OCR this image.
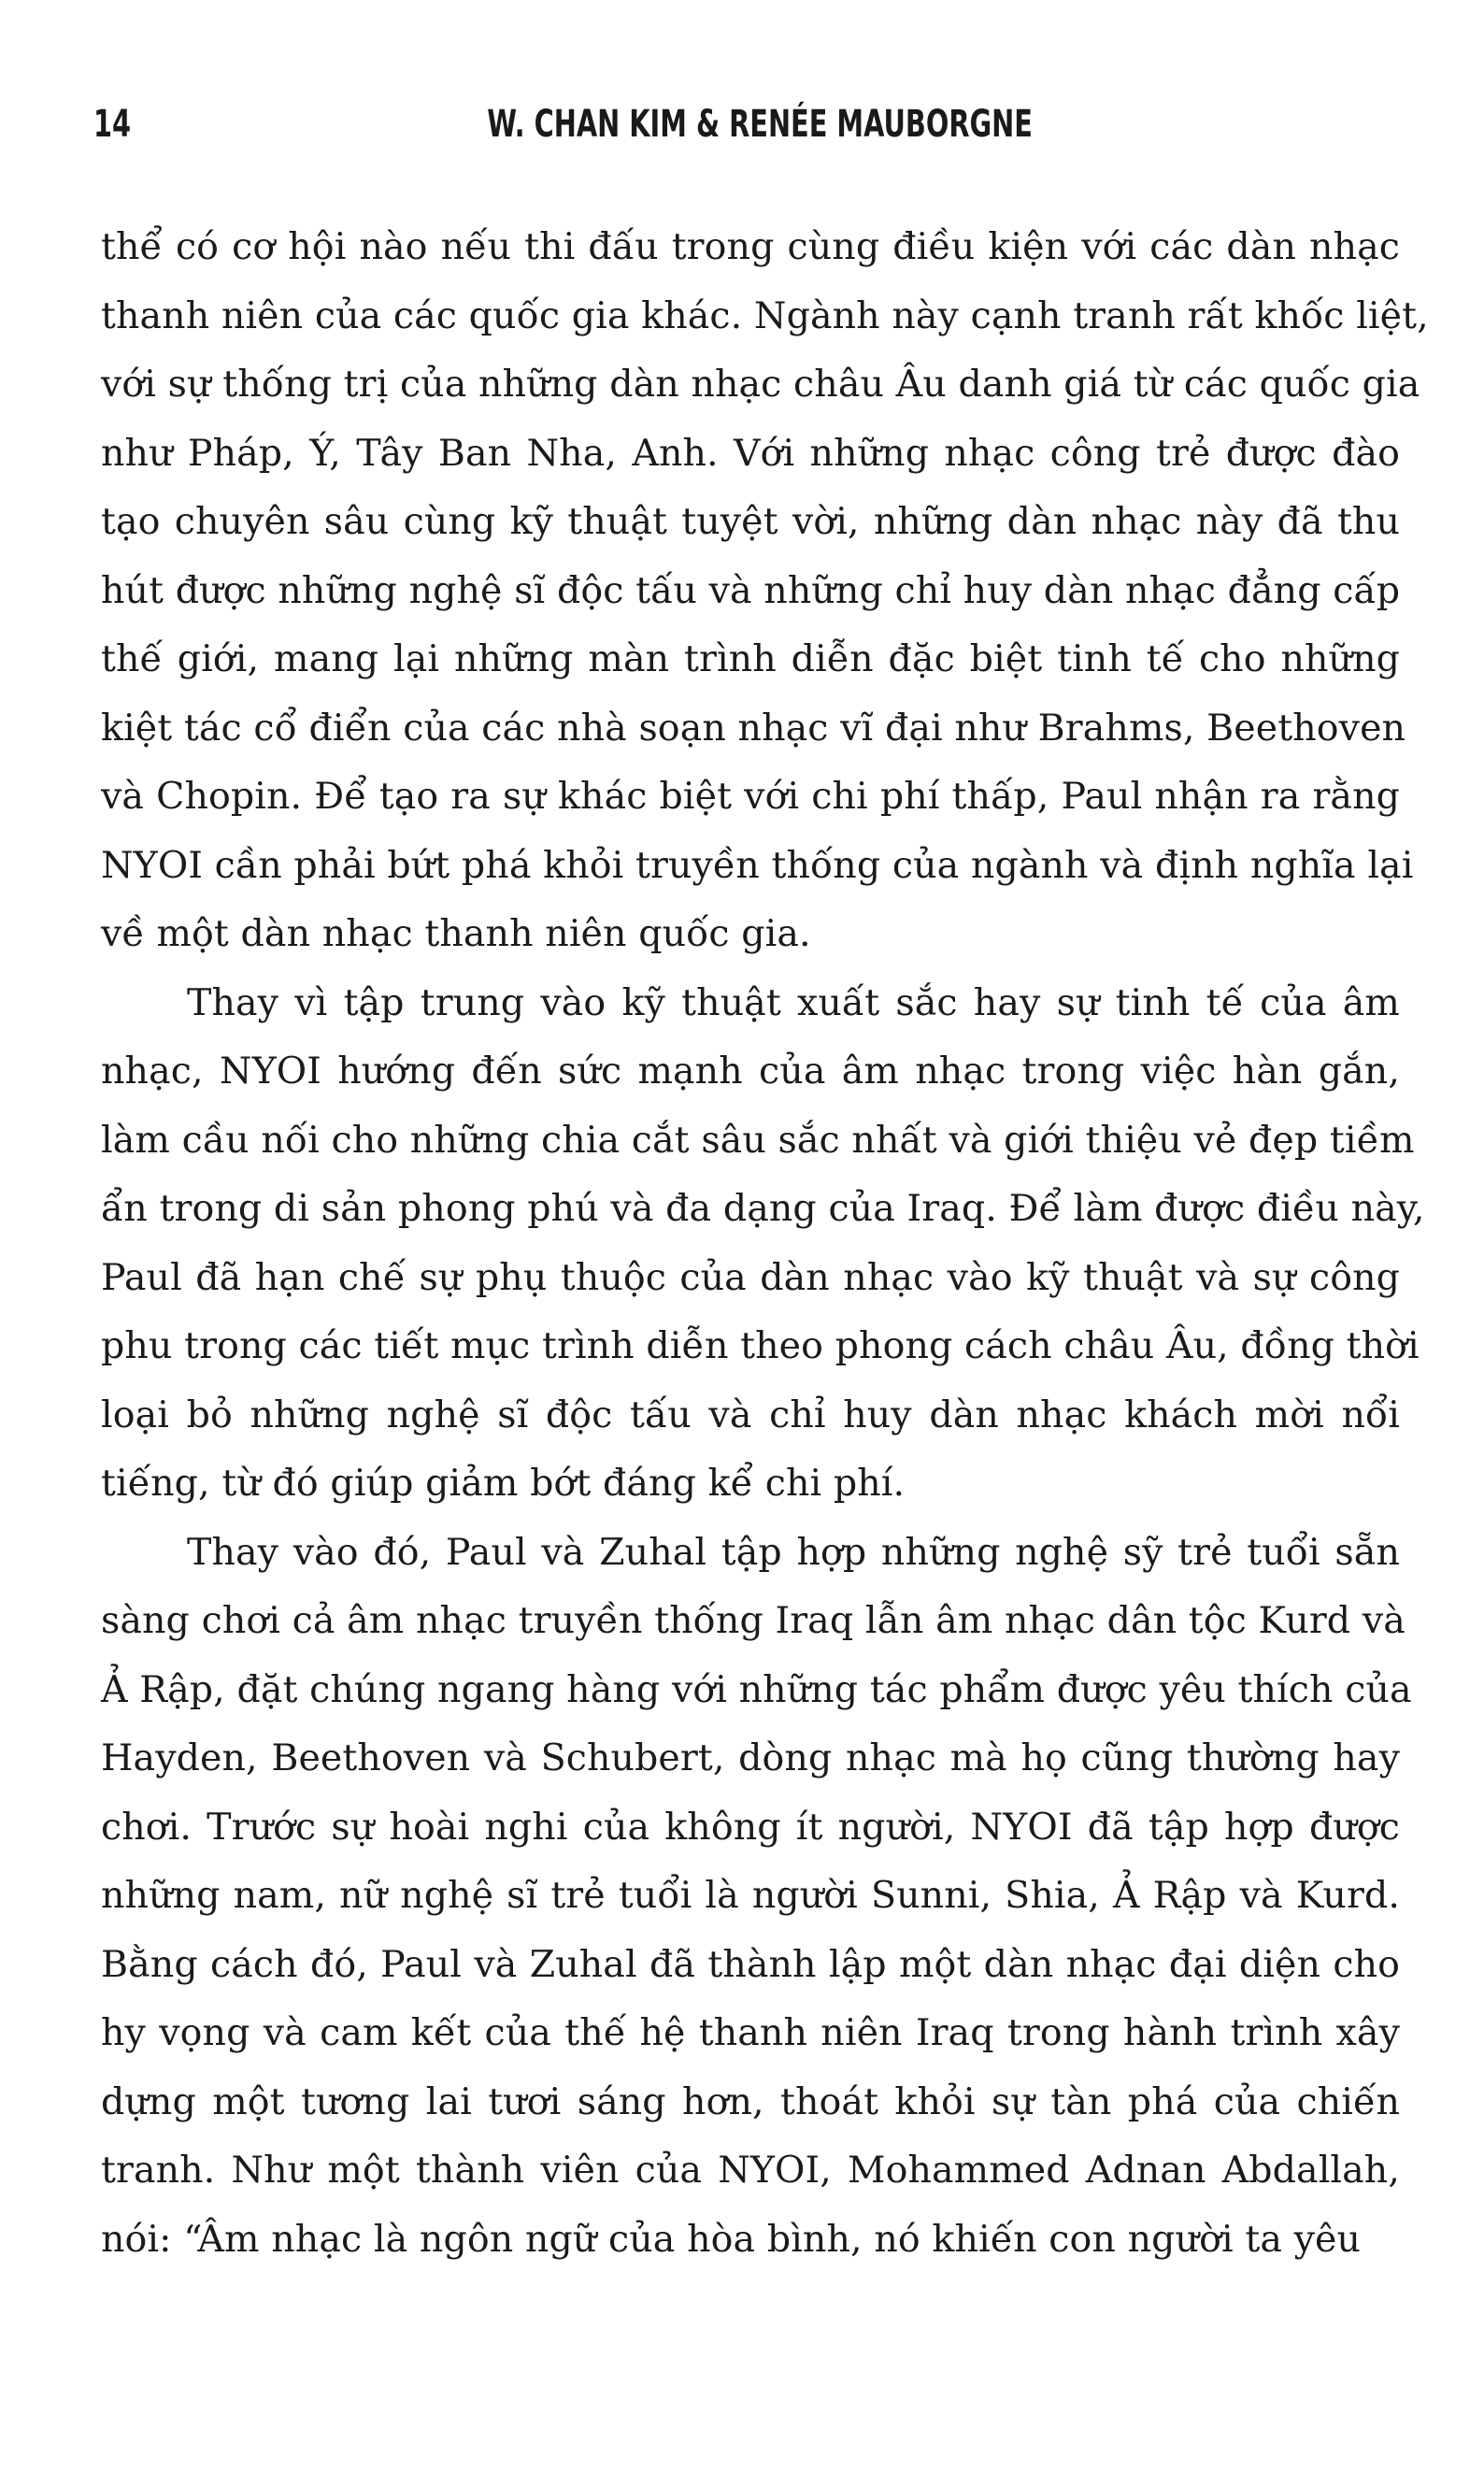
14	W. CHAN KIM & RENÉE MAUBORGNE
thể có cơ hội nào nếu thi đấu trong cùng điều kiện với các dàn nhạc
thanh niên của các quốc gia khác. Ngành này cạnh tranh rất khốc liệt,
với sự thống trị của những dàn nhạc châu Âu danh giá từ các quốc gia
như Pháp, Ý, Tây Ban Nha, Anh. Với những nhạc công trẻ được đào
tạo chuyên sâu cùng kỹ thuật tuyệt vời, những dàn nhạc này đã thu
hút được những nghệ sĩ độc tấu và những chỉ huy dàn nhạc đẳng cấp
thế giới, mang lại những màn trình diễn đặc biệt tinh tế cho những
kiệt tác cổ điển của các nhà soạn nhạc vĩ đại như Brahms, Beethoven
và Chopin. Để tạo ra sự khác biệt với chi phí thấp, Paul nhận ra rằng
NYOI cần phải bứt phá khỏi truyền thống của ngành và định nghĩa lại
về một dàn nhạc thanh niên quốc gia.
Thay vì tập trung vào kỹ thuật xuất sắc hay sự tinh tế của âm
nhạc, NYOI hướng đến sức mạnh của âm nhạc trong việc hàn gắn,
làm cầu nối cho những chia cắt sâu sắc nhất và giới thiệu vẻ đẹp tiềm
ẩn trong di sản phong phú và đa dạng của Iraq. Để làm được điều này,
Paul đã hạn chế sự phụ thuộc của dàn nhạc vào kỹ thuật và sự công
phu trong các tiết mục trình diễn theo phong cách châu Âu, đồng thời
loại bỏ những nghệ sĩ độc tấu và chỉ huy dàn nhạc khách mời nổi
tiếng, từ đó giúp giảm bớt đáng kể chi phí.
Thay vào đó, Paul và Zuhal tập hợp những nghệ sỹ trẻ tuổi sẵn
sàng chơi cả âm nhạc truyền thống Iraq lẫn âm nhạc dân tộc Kurd và
Ả Rập, đặt chúng ngang hàng với những tác phẩm được yêu thích của
Hayden, Beethoven và Schubert, dòng nhạc mà họ cũng thường hay
chơi. Trước sự hoài nghi của không ít người, NYOI đã tập hợp được
những nam, nữ nghệ sĩ trẻ tuổi là người Sunni, Shia, Ả Rập và Kurd.
Bằng cách đó, Paul và Zuhal đã thành lập một dàn nhạc đại diện cho
hy vọng và cam kết của thế hệ thanh niên Iraq trong hành trình xây
dựng một tương lai tươi sáng hơn, thoát khỏi sự tàn phá của chiến
tranh. Như một thành viên của NYOI, Mohammed Adnan Abdallah,
nói: “Âm nhạc là ngôn ngữ của hòa bình, nó khiến con người ta yêu
